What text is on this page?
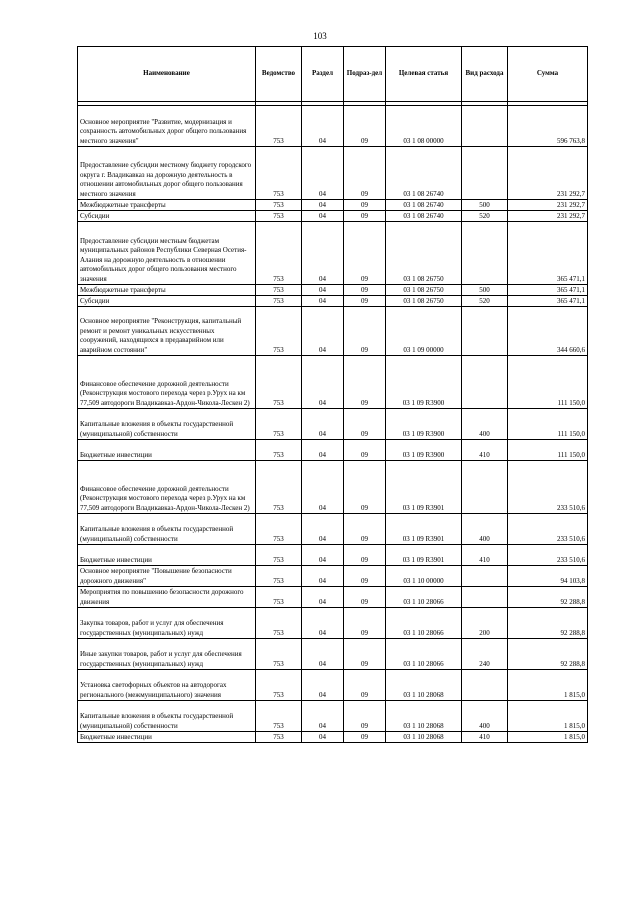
103
Наименование	Ведомство	Раздел	Подраз-дел	Целевая статья	Вид расхода	Сумма

Основное мероприятие "Развитие, модернизация и сохранность автомобильных дорог общего пользования местного значения"	753	04	09	03 1 08 00000		596 763,8
Предоставление субсидии местному бюджету городского округа г. Владикавказ на дорожную деятельность в отношении автомобильных дорог общего пользования местного значения	753	04	09	03 1 08 26740		231 292,7
Межбюджетные трансферты	753	04	09	03 1 08 26740	500	231 292,7
Субсидии	753	04	09	03 1 08 26740	520	231 292,7
Предоставление субсидии местным бюджетам муниципальных районов Республики Северная Осетия-Алания на дорожную деятельность в отношении автомобильных дорог общего пользования местного значения	753	04	09	03 1 08 26750		365 471,1
Межбюджетные трансферты	753	04	09	03 1 08 26750	500	365 471,1
Субсидии	753	04	09	03 1 08 26750	520	365 471,1
Основное мероприятие "Реконструкция, капитальный ремонт и ремонт уникальных искусственных сооружений, находящихся в предаварийном или аварийном состоянии"	753	04	09	03 1 09 00000		344 660,6
Финансовое обеспечение дорожной деятельности (Реконструкция мостового перехода через р.Урух на км 77,509 автодороги Владикавказ-Ардон-Чикола-Лескен 2)	753	04	09	03 1 09 R3900		111 150,0
Капитальные вложения в объекты государственной (муниципальной) собственности	753	04	09	03 1 09 R3900	400	111 150,0
Бюджетные инвестиции	753	04	09	03 1 09 R3900	410	111 150,0
Финансовое обеспечение дорожной деятельности (Реконструкция мостового перехода через р.Урух на км 77,509 автодороги Владикавказ-Ардон-Чикола-Лескен 2)	753	04	09	03 1 09 R3901		233 510,6
Капитальные вложения в объекты государственной (муниципальной) собственности	753	04	09	03 1 09 R3901	400	233 510,6
Бюджетные инвестиции	753	04	09	03 1 09 R3901	410	233 510,6
Основное мероприятие "Повышение безопасности дорожного движения"	753	04	09	03 1 10 00000		94 103,8
Мероприятия по повышению безопасности дорожного движения	753	04	09	03 1 10 28066		92 288,8
Закупка товаров, работ и услуг для обеспечения государственных (муниципальных) нужд	753	04	09	03 1 10 28066	200	92 288,8
Иные закупки товаров, работ и услуг для обеспечения государственных (муниципальных) нужд	753	04	09	03 1 10 28066	240	92 288,8
Установка светофорных объектов на автодорогах регионального (межмуниципального) значения	753	04	09	03 1 10 28068		1 815,0
Капитальные вложения в объекты государственной (муниципальной) собственности	753	04	09	03 1 10 28068	400	1 815,0
Бюджетные инвестиции	753	04	09	03 1 10 28068	410	1 815,0
